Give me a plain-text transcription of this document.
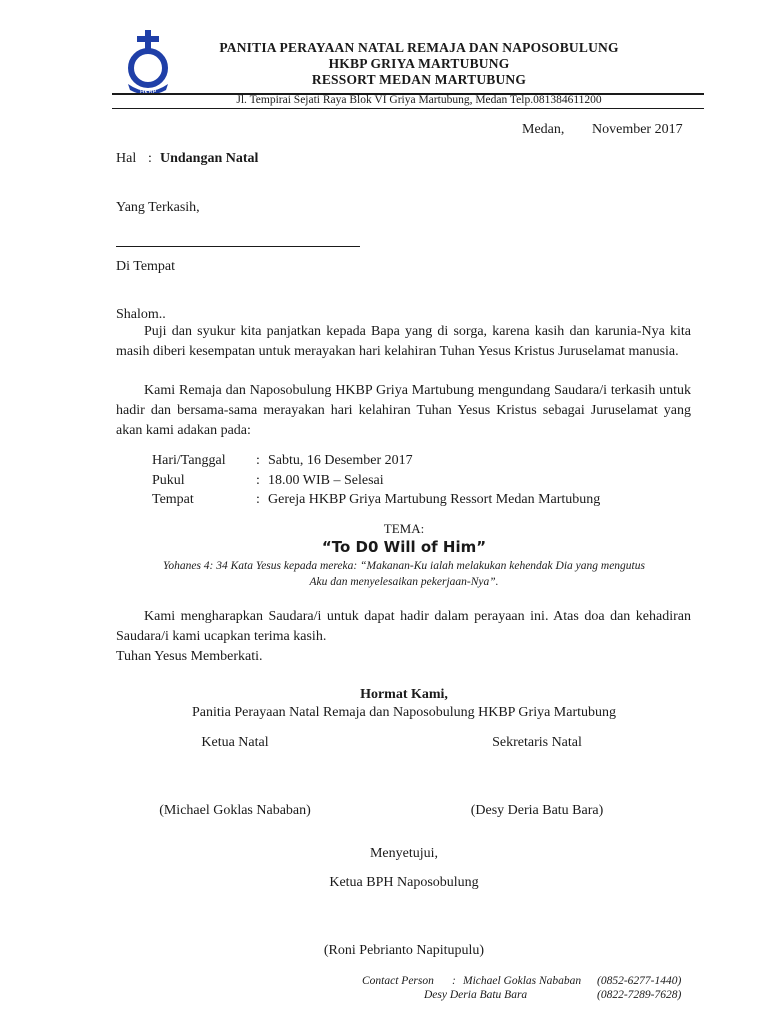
PANITIA PERAYAAN NATAL REMAJA DAN NAPOSOBULUNG
HKBP GRIYA MARTUBUNG
RESSORT MEDAN MARTUBUNG
Jl. Tempirai Sejati Raya Blok VI Griya Martubung, Medan Telp.081384611200
Medan, November 2017
Hal : Undangan Natal
Yang Terkasih,
Di Tempat
Shalom..
Puji dan syukur kita panjatkan kepada Bapa yang di sorga, karena kasih dan karunia-Nya kita masih diberi kesempatan untuk merayakan hari kelahiran Tuhan Yesus Kristus Juruselamat manusia.
Kami Remaja dan Naposobulung HKBP Griya Martubung mengundang Saudara/i terkasih untuk hadir dan bersama-sama merayakan hari kelahiran Tuhan Yesus Kristus sebagai Juruselamat yang akan kami adakan pada:
Hari/Tanggal	: Sabtu, 16 Desember 2017
Pukul	: 18.00 WIB – Selesai
Tempat	: Gereja HKBP Griya Martubung Ressort Medan Martubung
TEMA:
“To D0 Will of Him”
Yohanes 4: 34 Kata Yesus kepada mereka: “Makanan-Ku ialah melakukan kehendak Dia yang mengutus
Aku dan menyelesaikan pekerjaan-Nya”.
Kami mengharapkan Saudara/i untuk dapat hadir dalam perayaan ini. Atas doa dan kehadiran Saudara/i kami ucapkan terima kasih.
Tuhan Yesus Memberkati.
Hormat Kami,
Panitia Perayaan Natal Remaja dan Naposobulung HKBP Griya Martubung
Ketua Natal	Sekretaris Natal
(Michael Goklas Nababan)	(Desy Deria Batu Bara)
Menyetujui,
Ketua BPH Naposobulung
(Roni Pebrianto Napitupulu)
Contact Person : Michael Goklas Nababan (0852-6277-1440)
Desy Deria Batu Bara	(0822-7289-7628)
